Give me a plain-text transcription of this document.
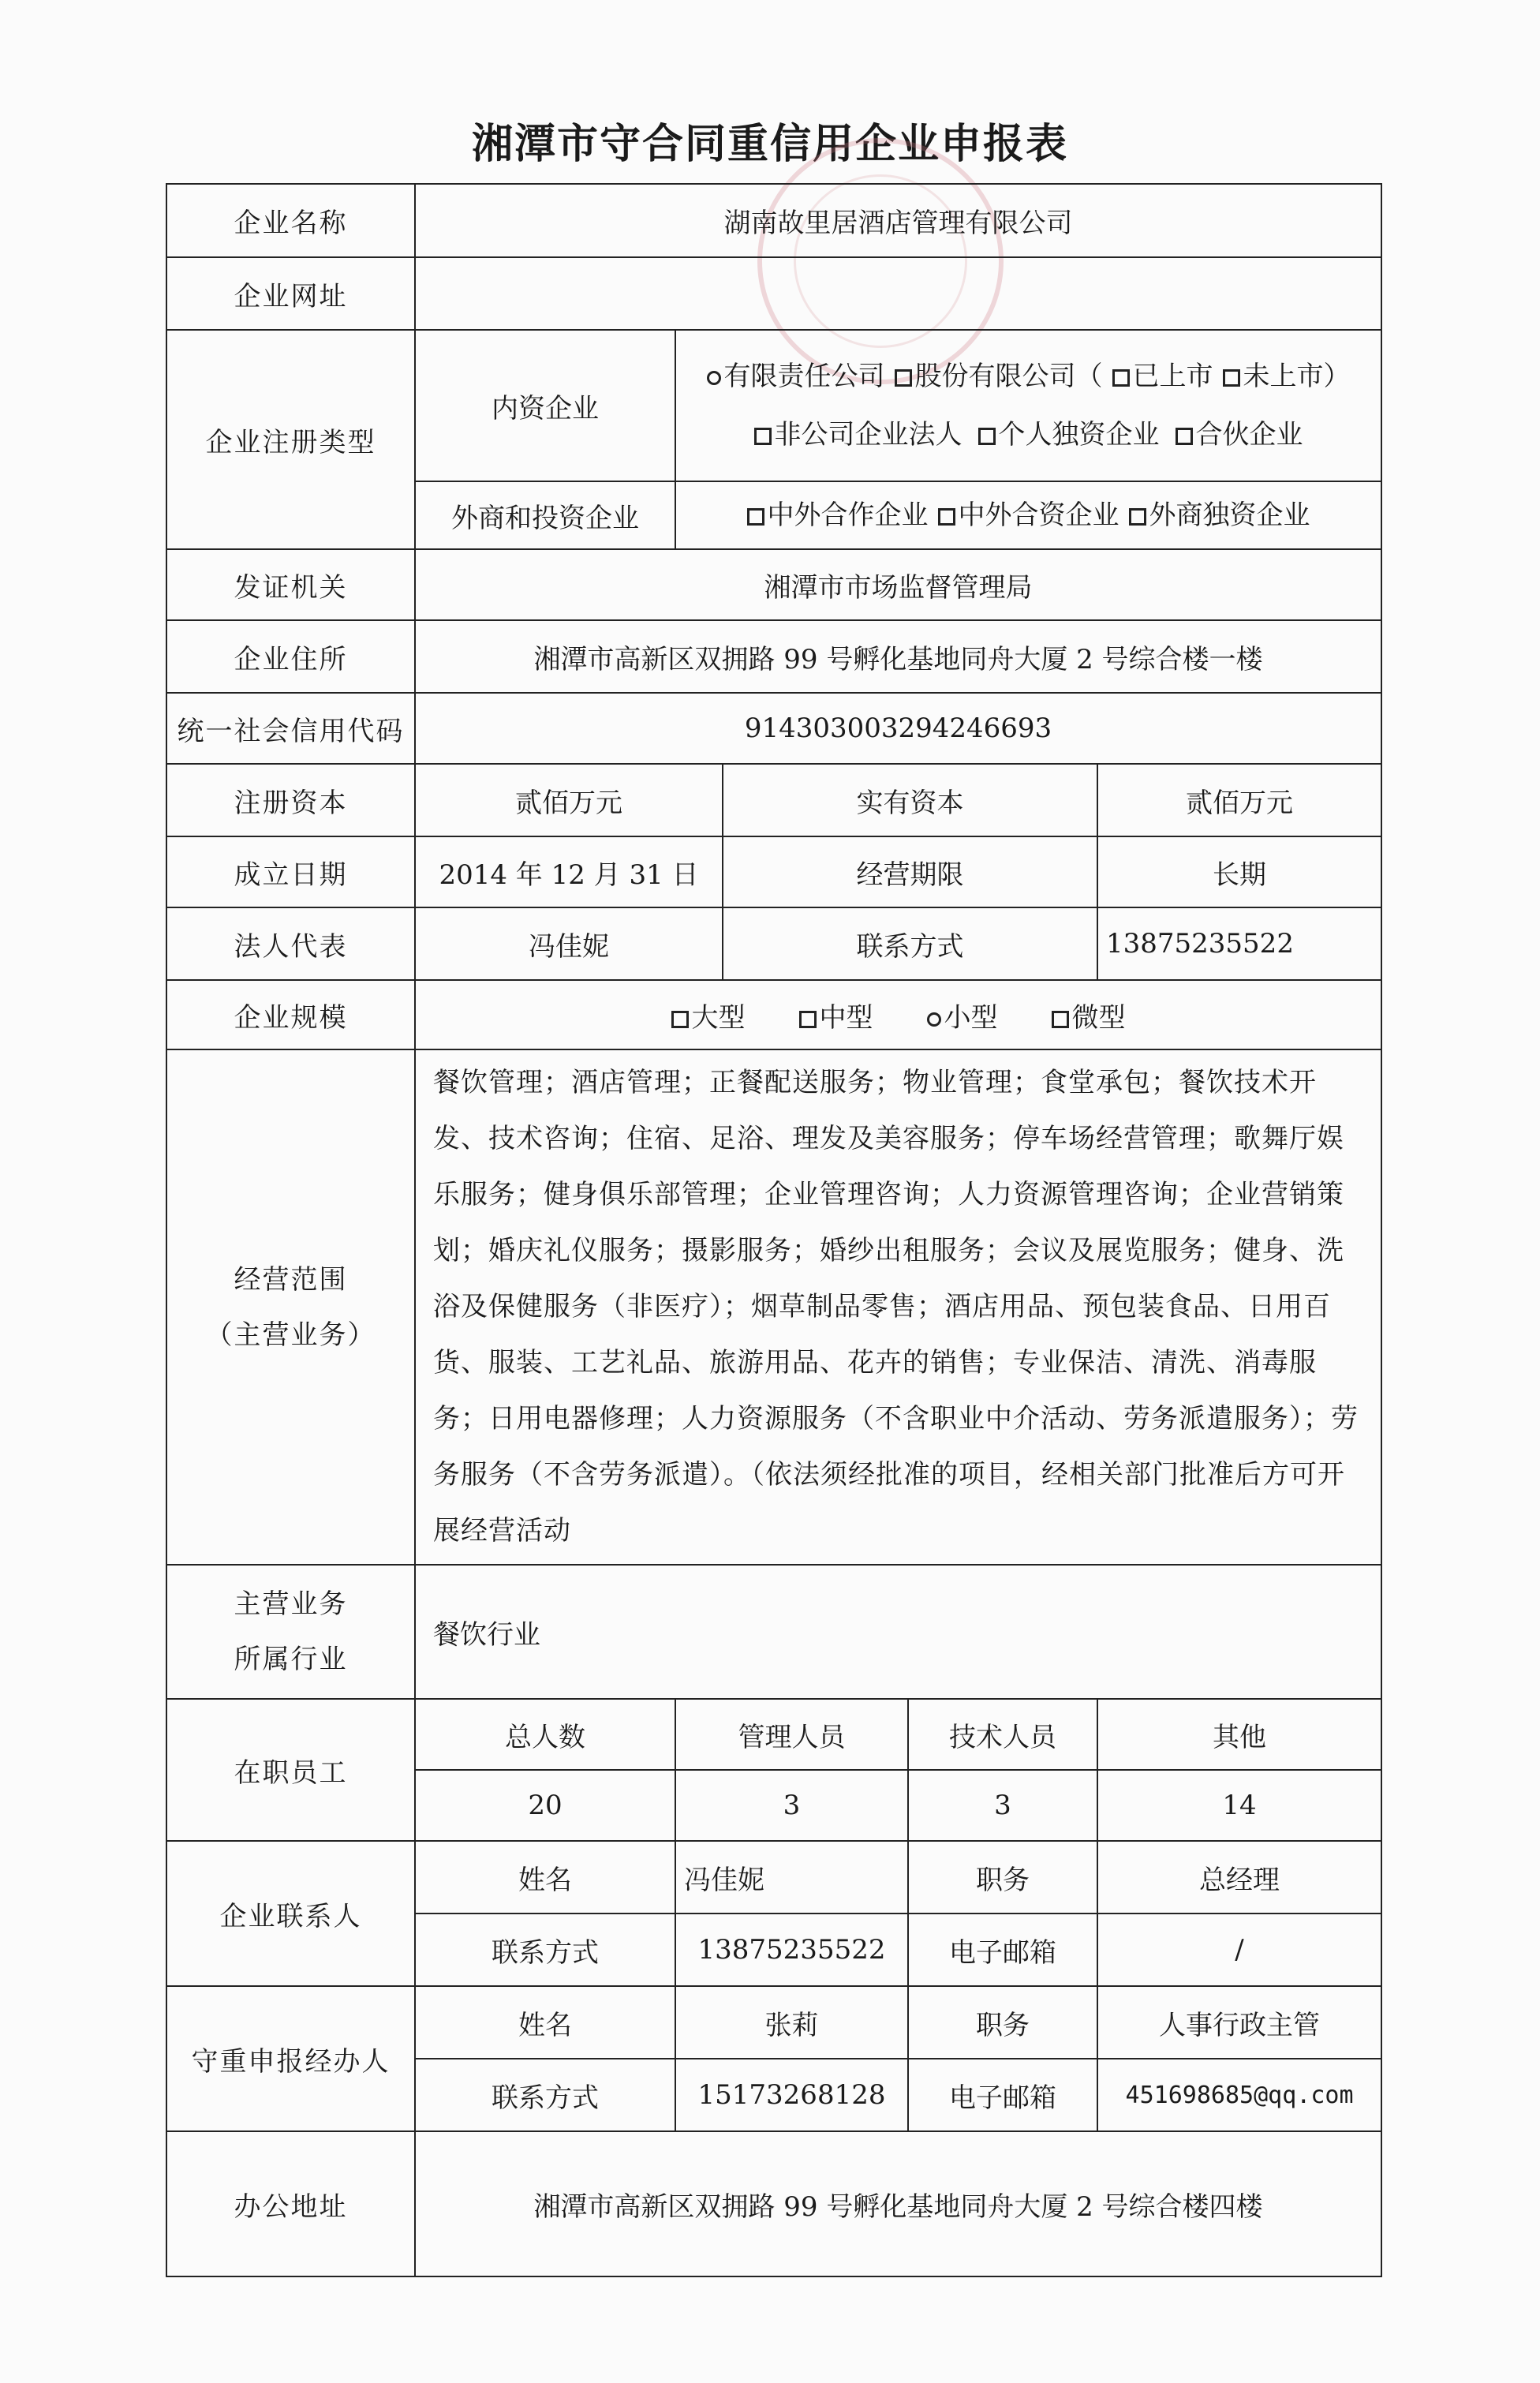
湘潭市守合同重信用企业申报表
企业名称	湖南故里居酒店管理有限公司				
企业网址					
企业注册类型	内资企业	有限责任公司 股份有限公司（ 已上市 未上市）
非公司企业法人 个人独资企业 合伙企业			

	外商和投资企业	中外合作企业 中外合资企业 外商独资企业			

发证机关	湘潭市市场监督管理局				
企业住所	湘潭市高新区双拥路 99 号孵化基地同舟大厦 2 号综合楼一楼				
统一社会信用代码	914303003294246693				
注册资本	贰佰万元		实有资本		贰佰万元
成立日期	2014 年 12 月 31 日		经营期限		长期
法人代表	冯佳妮		联系方式		13875235522
企业规模	大型 中型 小型 微型				

经营范围
（主营业务）	餐饮管理；酒店管理；正餐配送服务；物业管理；食堂承包；餐饮技术开发、技术咨询；住宿、足浴、理发及美容服务；停车场经营管理；歌舞厅娱乐服务；健身俱乐部管理；企业管理咨询；人力资源管理咨询；企业营销策划；婚庆礼仪服务；摄影服务；婚纱出租服务；会议及展览服务；健身、洗浴及保健服务（非医疗）；烟草制品零售；酒店用品、预包装食品、日用百货、服装、工艺礼品、旅游用品、花卉的销售；专业保洁、清洗、消毒服务；日用电器修理；人力资源服务（不含职业中介活动、劳务派遣服务）；劳务服务（不含劳务派遣）。（依法须经批准的项目，经相关部门批准后方可开展经营活动				

主营业务
所属行业	餐饮行业				
在职员工	总人数	管理人员		技术人员	其他
	20	3		3	14
企业联系人	姓名	冯佳妮		职务	总经理
	联系方式	13875235522		电子邮箱	/
守重申报经办人	姓名	张莉		职务	人事行政主管
	联系方式	15173268128		电子邮箱	451698685@qq.com
办公地址	湘潭市高新区双拥路 99 号孵化基地同舟大厦 2 号综合楼四楼				
